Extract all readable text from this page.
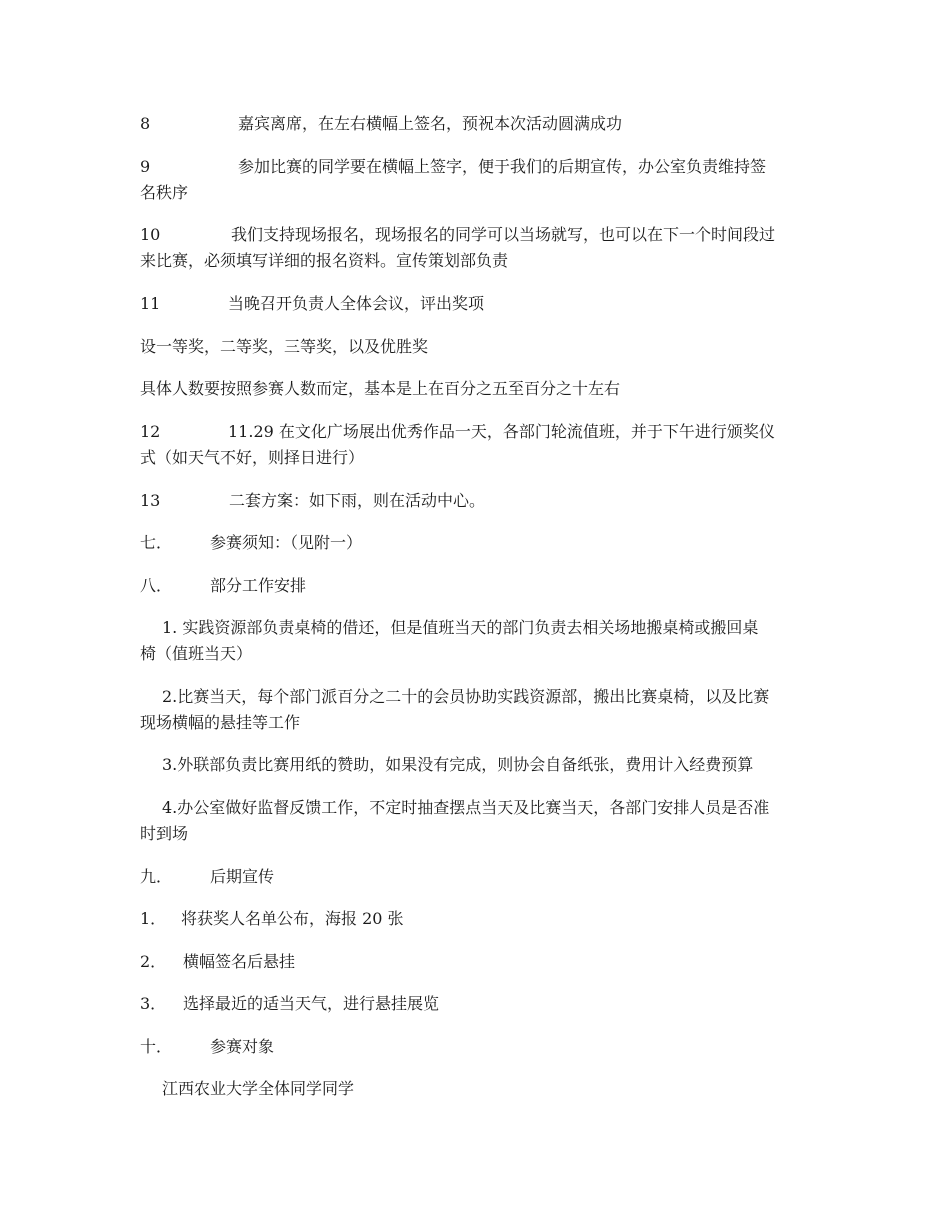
8	嘉宾离席，在左右横幅上签名，预祝本次活动圆满成功
9	参加比赛的同学要在横幅上签字，便于我们的后期宣传，办公室负责维持签
名秩序
10	我们支持现场报名，现场报名的同学可以当场就写，也可以在下一个时间段过
来比赛，必须填写详细的报名资料。宣传策划部负责
11	当晚召开负责人全体会议，评出奖项
设一等奖，二等奖，三等奖，以及优胜奖
具体人数要按照参赛人数而定，基本是上在百分之五至百分之十左右
12	11.29 在文化广场展出优秀作品一天，各部门轮流值班，并于下午进行颁奖仪
式（如天气不好，则择日进行）
13	二套方案：如下雨，则在活动中心。
七． 参赛须知：（见附一）
八． 部分工作安排
1. 实践资源部负责桌椅的借还，但是值班当天的部门负责去相关场地搬桌椅或搬回桌
椅（值班当天）
2.比赛当天，每个部门派百分之二十的会员协助实践资源部，搬出比赛桌椅，以及比赛
现场横幅的悬挂等工作
3.外联部负责比赛用纸的赞助，如果没有完成，则协会自备纸张，费用计入经费预算
4.办公室做好监督反馈工作，不定时抽查摆点当天及比赛当天，各部门安排人员是否准
时到场
九． 后期宣传
1． 将获奖人名单公布，海报 20 张
2． 横幅签名后悬挂
3． 选择最近的适当天气，进行悬挂展览
十． 参赛对象
江西农业大学全体同学同学
